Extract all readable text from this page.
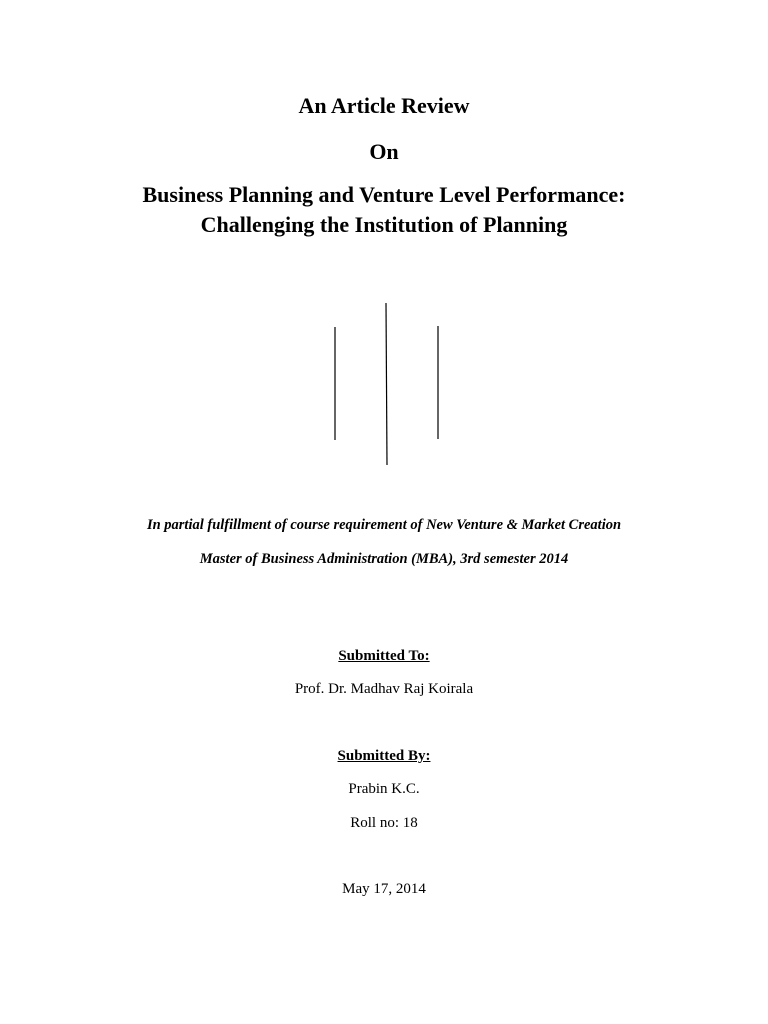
An Article Review
On
Business Planning and Venture Level Performance:
Challenging the Institution of Planning

In partial fulfillment of course requirement of New Venture & Market Creation

Master of Business Administration (MBA), 3rd semester 2014

Submitted To:

Prof. Dr. Madhav Raj Koirala

Submitted By:

Prabin K.C.

Roll no: 18

May 17, 2014
